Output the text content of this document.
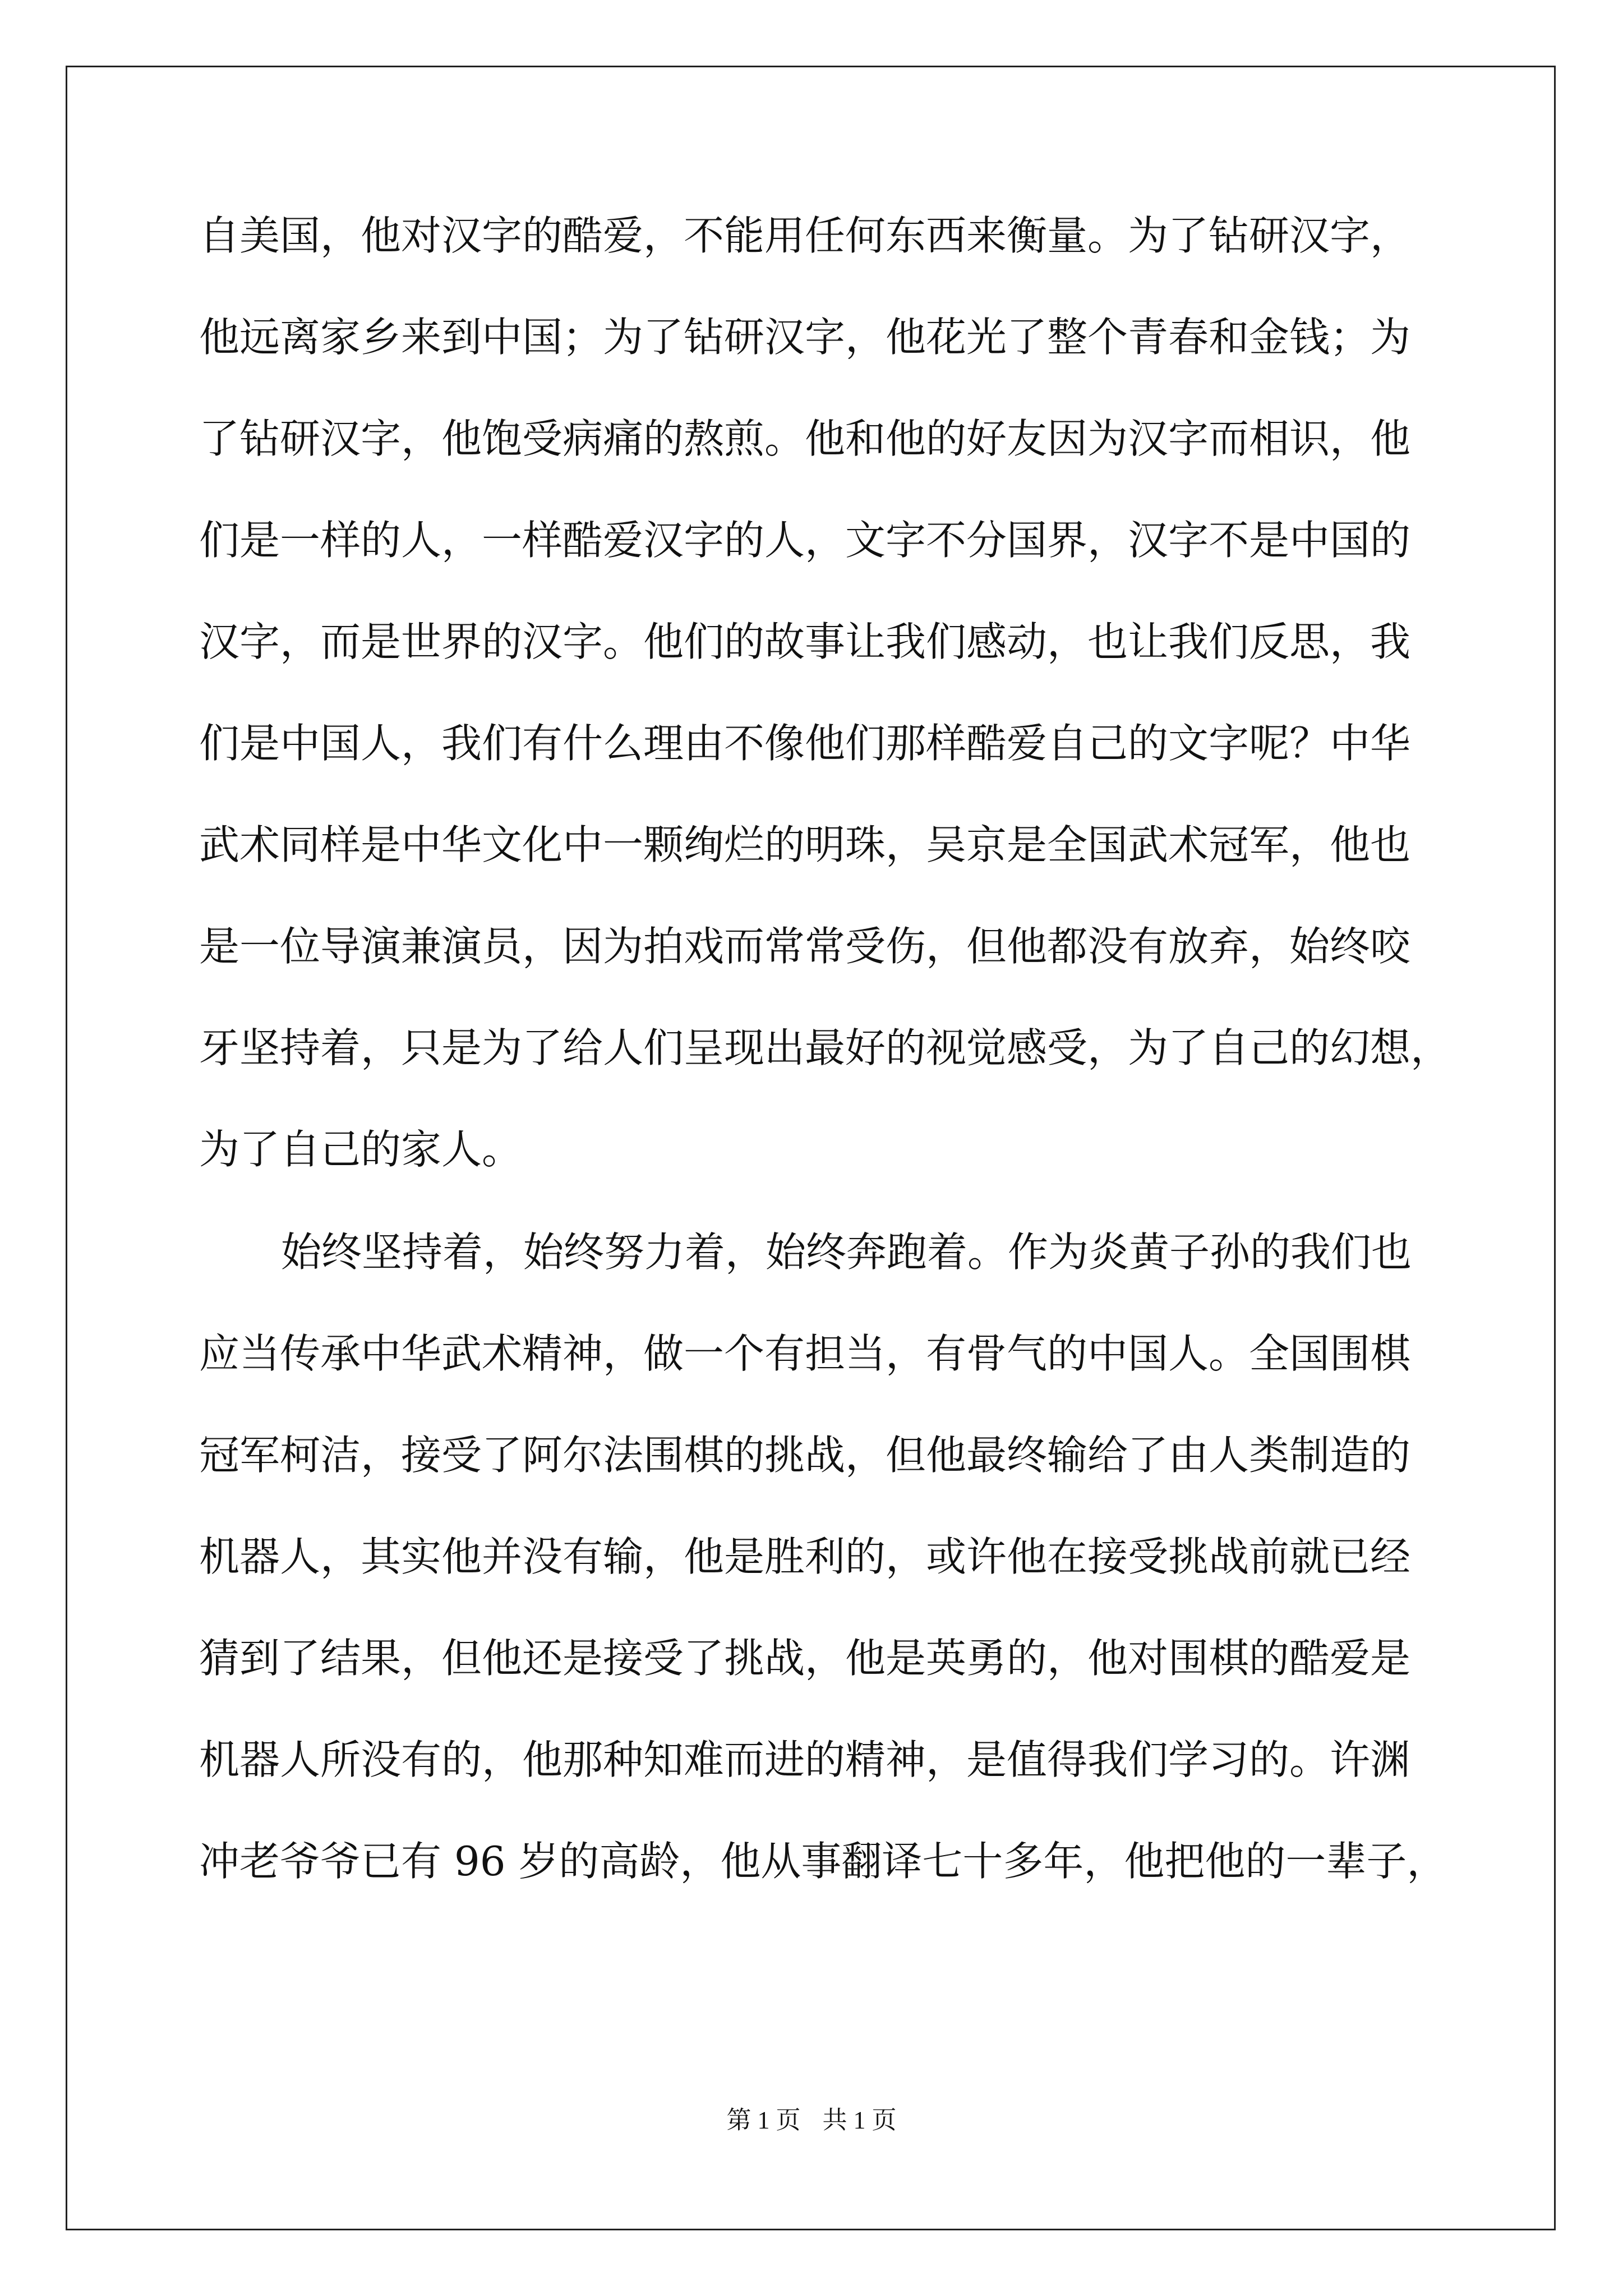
自美国，他对汉字的酷爱，不能用任何东西来衡量。为了钻研汉字，
他远离家乡来到中国；为了钻研汉字，他花光了整个青春和金钱；为
了钻研汉字，他饱受病痛的熬煎。他和他的好友因为汉字而相识，他
们是一样的人，一样酷爱汉字的人，文字不分国界，汉字不是中国的
汉字，而是世界的汉字。他们的故事让我们感动，也让我们反思，我
们是中国人，我们有什么理由不像他们那样酷爱自己的文字呢？中华
武术同样是中华文化中一颗绚烂的明珠，吴京是全国武术冠军，他也
是一位导演兼演员，因为拍戏而常常受伤，但他都没有放弃，始终咬
牙坚持着，只是为了给人们呈现出最好的视觉感受，为了自己的幻想，
为了自己的家人。
始终坚持着，始终努力着，始终奔跑着。作为炎黄子孙的我们也
应当传承中华武术精神，做一个有担当，有骨气的中国人。全国围棋
冠军柯洁，接受了阿尔法围棋的挑战，但他最终输给了由人类制造的
机器人，其实他并没有输，他是胜利的，或许他在接受挑战前就已经
猜到了结果，但他还是接受了挑战，他是英勇的，他对围棋的酷爱是
机器人所没有的，他那种知难而进的精神，是值得我们学习的。许渊
冲老爷爷已有 96 岁的高龄，他从事翻译七十多年，他把他的一辈子，
第 1 页 共 1 页
